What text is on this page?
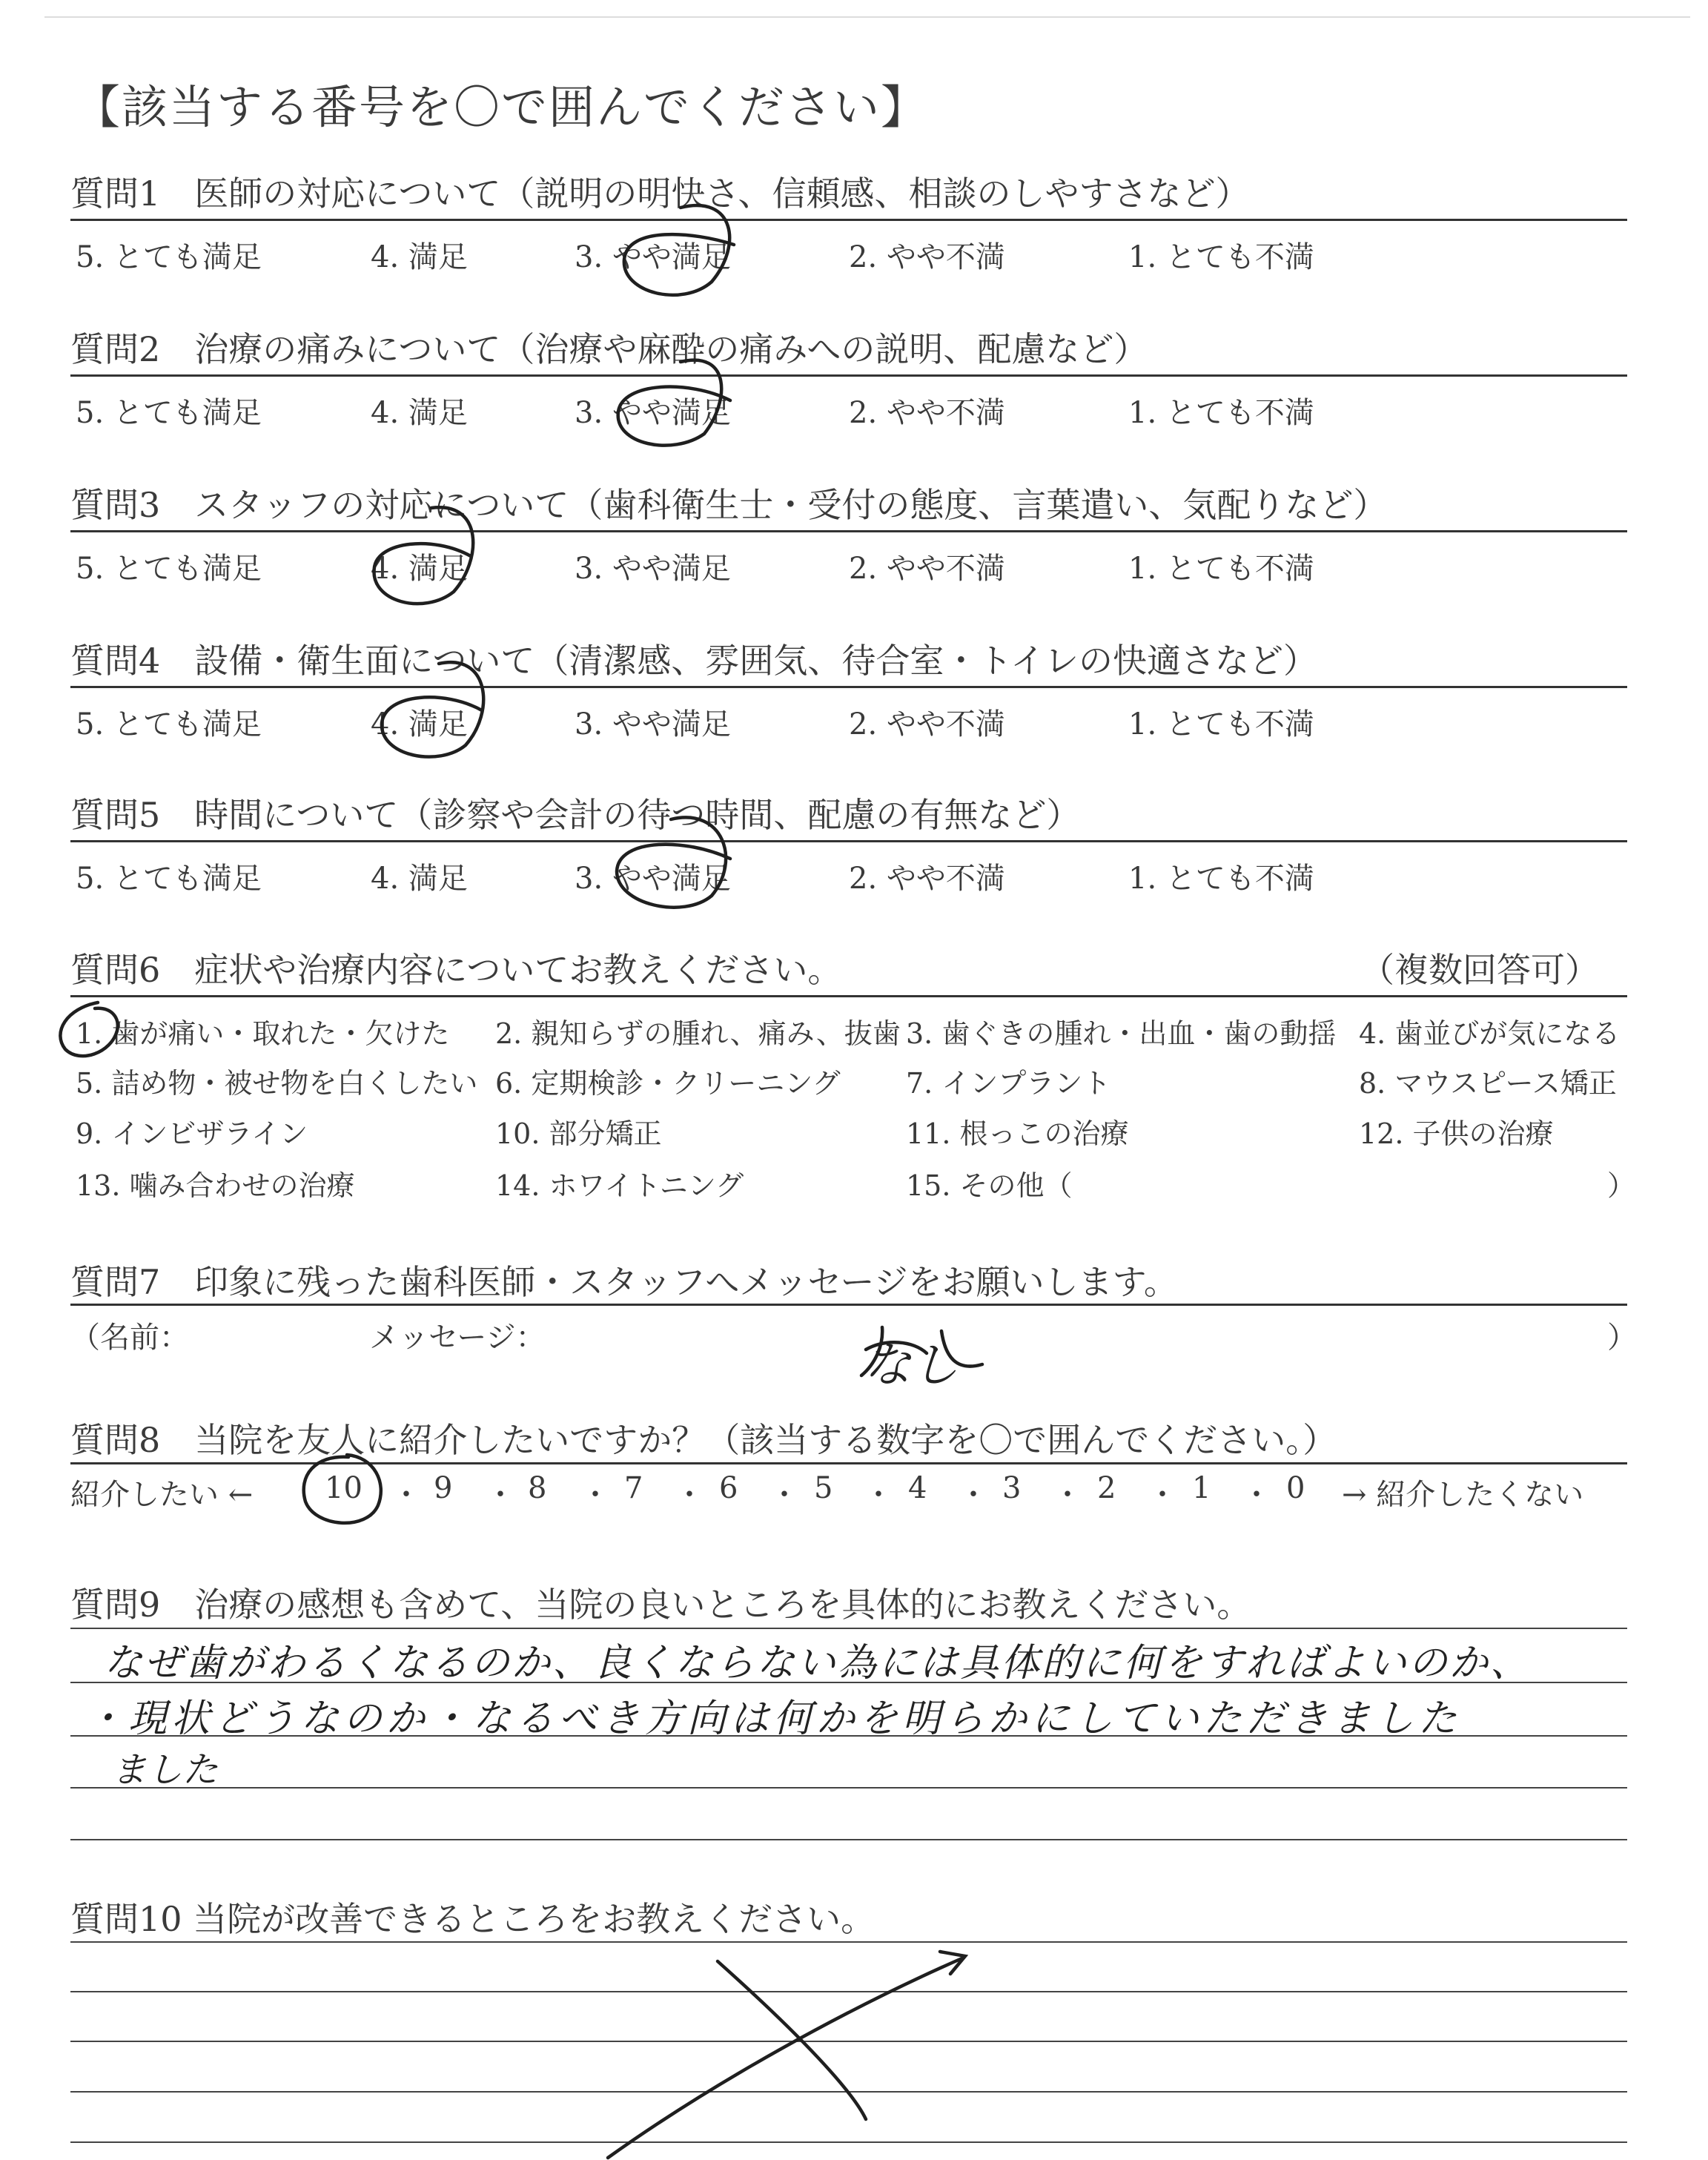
【該当する番号を〇で囲んでください】
質問1　医師の対応について（説明の明快さ、信頼感、相談のしやすさなど）
5. とても満足	4. 満足	3. やや満足	2. やや不満	1. とても不満
質問2　治療の痛みについて（治療や麻酔の痛みへの説明、配慮など）
5. とても満足	4. 満足	3. やや満足	2. やや不満	1. とても不満
質問3　スタッフの対応について（歯科衛生士・受付の態度、言葉遣い、気配りなど）
5. とても満足	4. 満足	3. やや満足	2. やや不満	1. とても不満
質問4　設備・衛生面について（清潔感、雰囲気、待合室・トイレの快適さなど）
5. とても満足	4. 満足	3. やや満足	2. やや不満	1. とても不満
質問5　時間について（診察や会計の待つ時間、配慮の有無など）
5. とても満足	4. 満足	3. やや満足	2. やや不満	1. とても不満
質問6　症状や治療内容についてお教えください。	（複数回答可）
1. 歯が痛い・取れた・欠けた 2. 親知らずの腫れ、痛み、抜歯 3. 歯ぐきの腫れ・出血・歯の動揺 4. 歯並びが気になる
5. 詰め物・被せ物を白くしたい 6. 定期検診・クリーニング 7. インプラント	8. マウスピース矯正
9. インビザライン	10. 部分矯正	11. 根っこの治療	12. 子供の治療
13. 噛み合わせの治療	14. ホワイトニング	15. その他（	）
質問7　印象に残った歯科医師・スタッフへメッセージをお願いします。
（名前：	メッセージ：	）
なし
質問8　当院を友人に紹介したいですか？（該当する数字を〇で囲んでください。）
紹介したい ← 10 9	8	7	6	5	4	3	2	1	0
・ ・ ・ ・ ・ ・ ・ ・ ・ ・ → 紹介したくない
質問9　治療の感想も含めて、当院の良いところを具体的にお教えください。
なぜ歯がわるくなるのか、良くならない為には具体的に何をすればよいのか、
・現状どうなのか・なるべき方向は何かを明らかにしていただきました
ました
質問10 当院が改善できるところをお教えください。
